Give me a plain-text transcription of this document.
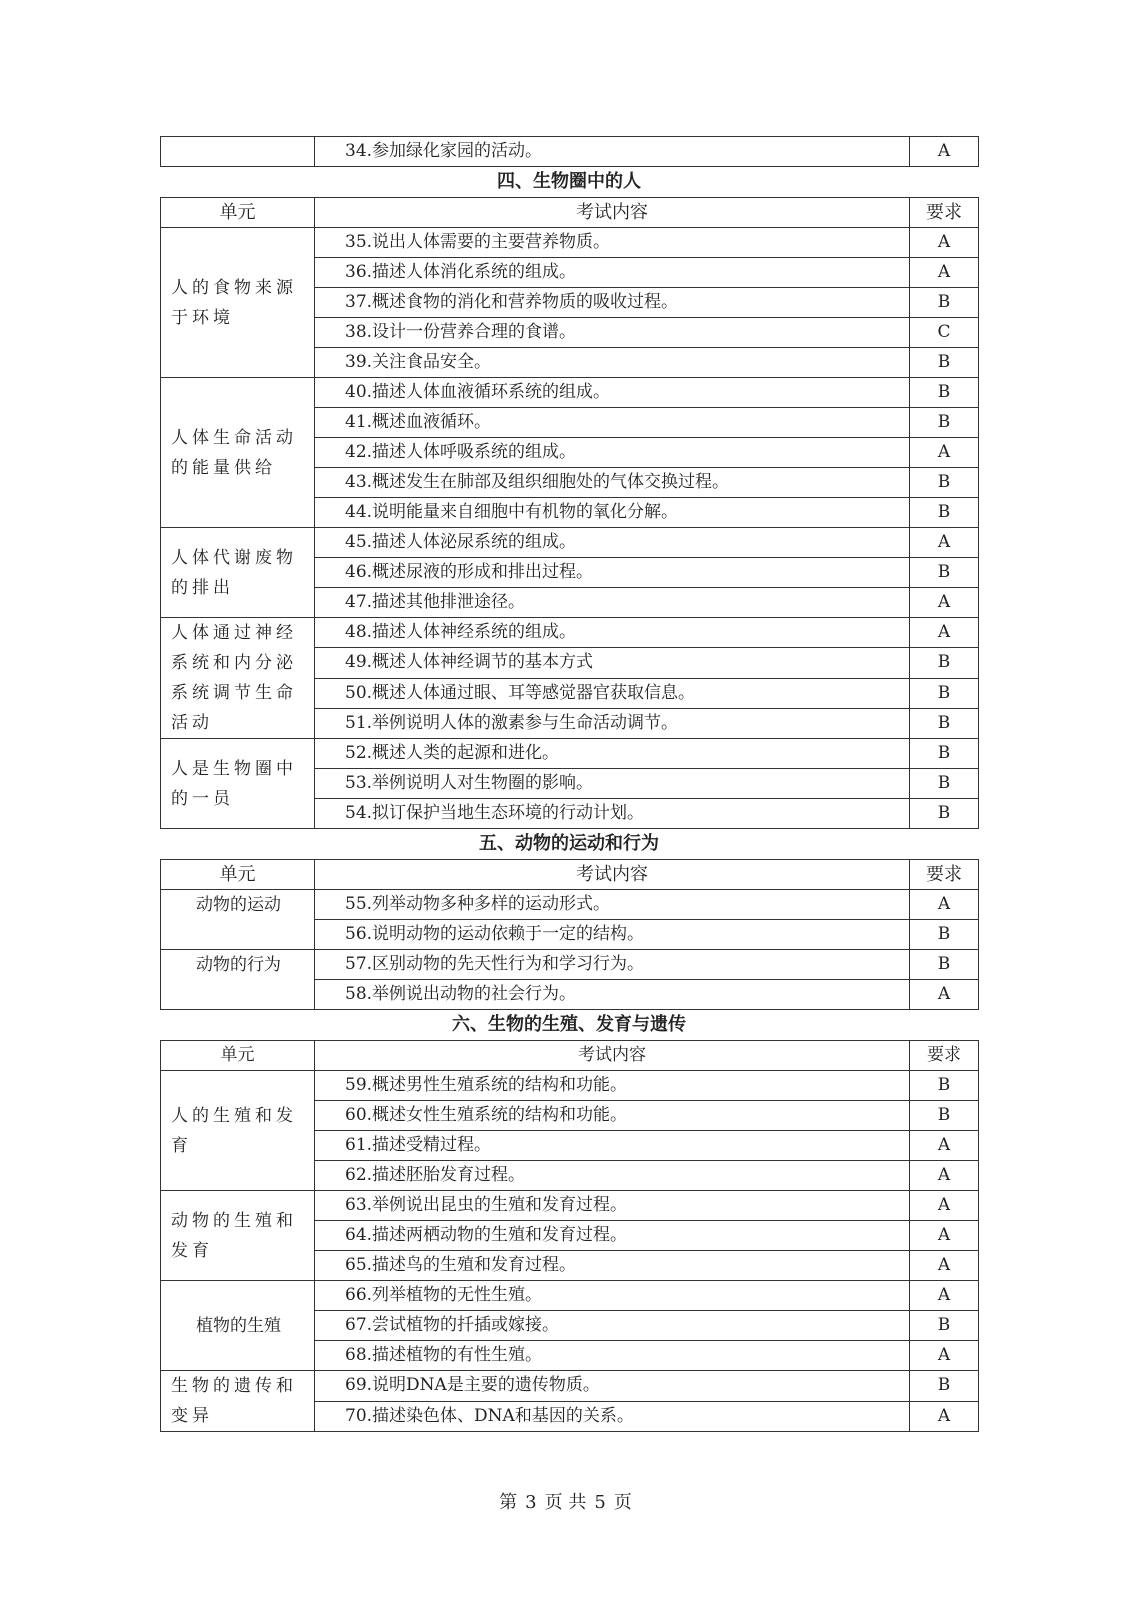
	34.参加绿化家园的活动。	A
四、生物圈中的人
单元	考试内容	要求
人的食物来源于环境	35.说出人体需要的主要营养物质。	A
	36.描述人体消化系统的组成。	A
	37.概述食物的消化和营养物质的吸收过程。	B
	38.设计一份营养合理的食谱。	C
	39.关注食品安全。	B
人体生命活动的能量供给	40.描述人体血液循环系统的组成。	B
	41.概述血液循环。	B
	42.描述人体呼吸系统的组成。	A
	43.概述发生在肺部及组织细胞处的气体交换过程。	B
	44.说明能量来自细胞中有机物的氧化分解。	B
人体代谢废物的排出	45.描述人体泌尿系统的组成。	A
	46.概述尿液的形成和排出过程。	B
	47.描述其他排泄途径。	A
人体通过神经系统和内分泌系统调节生命活动	48.描述人体神经系统的组成。	A
	49.概述人体神经调节的基本方式	B
	50.概述人体通过眼、耳等感觉器官获取信息。	B
	51.举例说明人体的激素参与生命活动调节。	B
人是生物圈中的一员	52.概述人类的起源和进化。	B
	53.举例说明人对生物圈的影响。	B
	54.拟订保护当地生态环境的行动计划。	B
五、动物的运动和行为
单元	考试内容	要求
动物的运动	55.列举动物多种多样的运动形式。	A
	56.说明动物的运动依赖于一定的结构。	B
动物的行为	57.区别动物的先天性行为和学习行为。	B
	58.举例说出动物的社会行为。	A
六、生物的生殖、发育与遗传
单元	考试内容	要求
人的生殖和发育	59.概述男性生殖系统的结构和功能。	B
	60.概述女性生殖系统的结构和功能。	B
	61.描述受精过程。	A
	62.描述胚胎发育过程。	A
动物的生殖和发育	63.举例说出昆虫的生殖和发育过程。	A
	64.描述两栖动物的生殖和发育过程。	A
	65.描述鸟的生殖和发育过程。	A
植物的生殖	66.列举植物的无性生殖。	A
	67.尝试植物的扦插或嫁接。	B
	68.描述植物的有性生殖。	A
生物的遗传和变异	69.说明DNA是主要的遗传物质。	B
	70.描述染色体、DNA和基因的关系。	A
第 3 页 共 5 页
